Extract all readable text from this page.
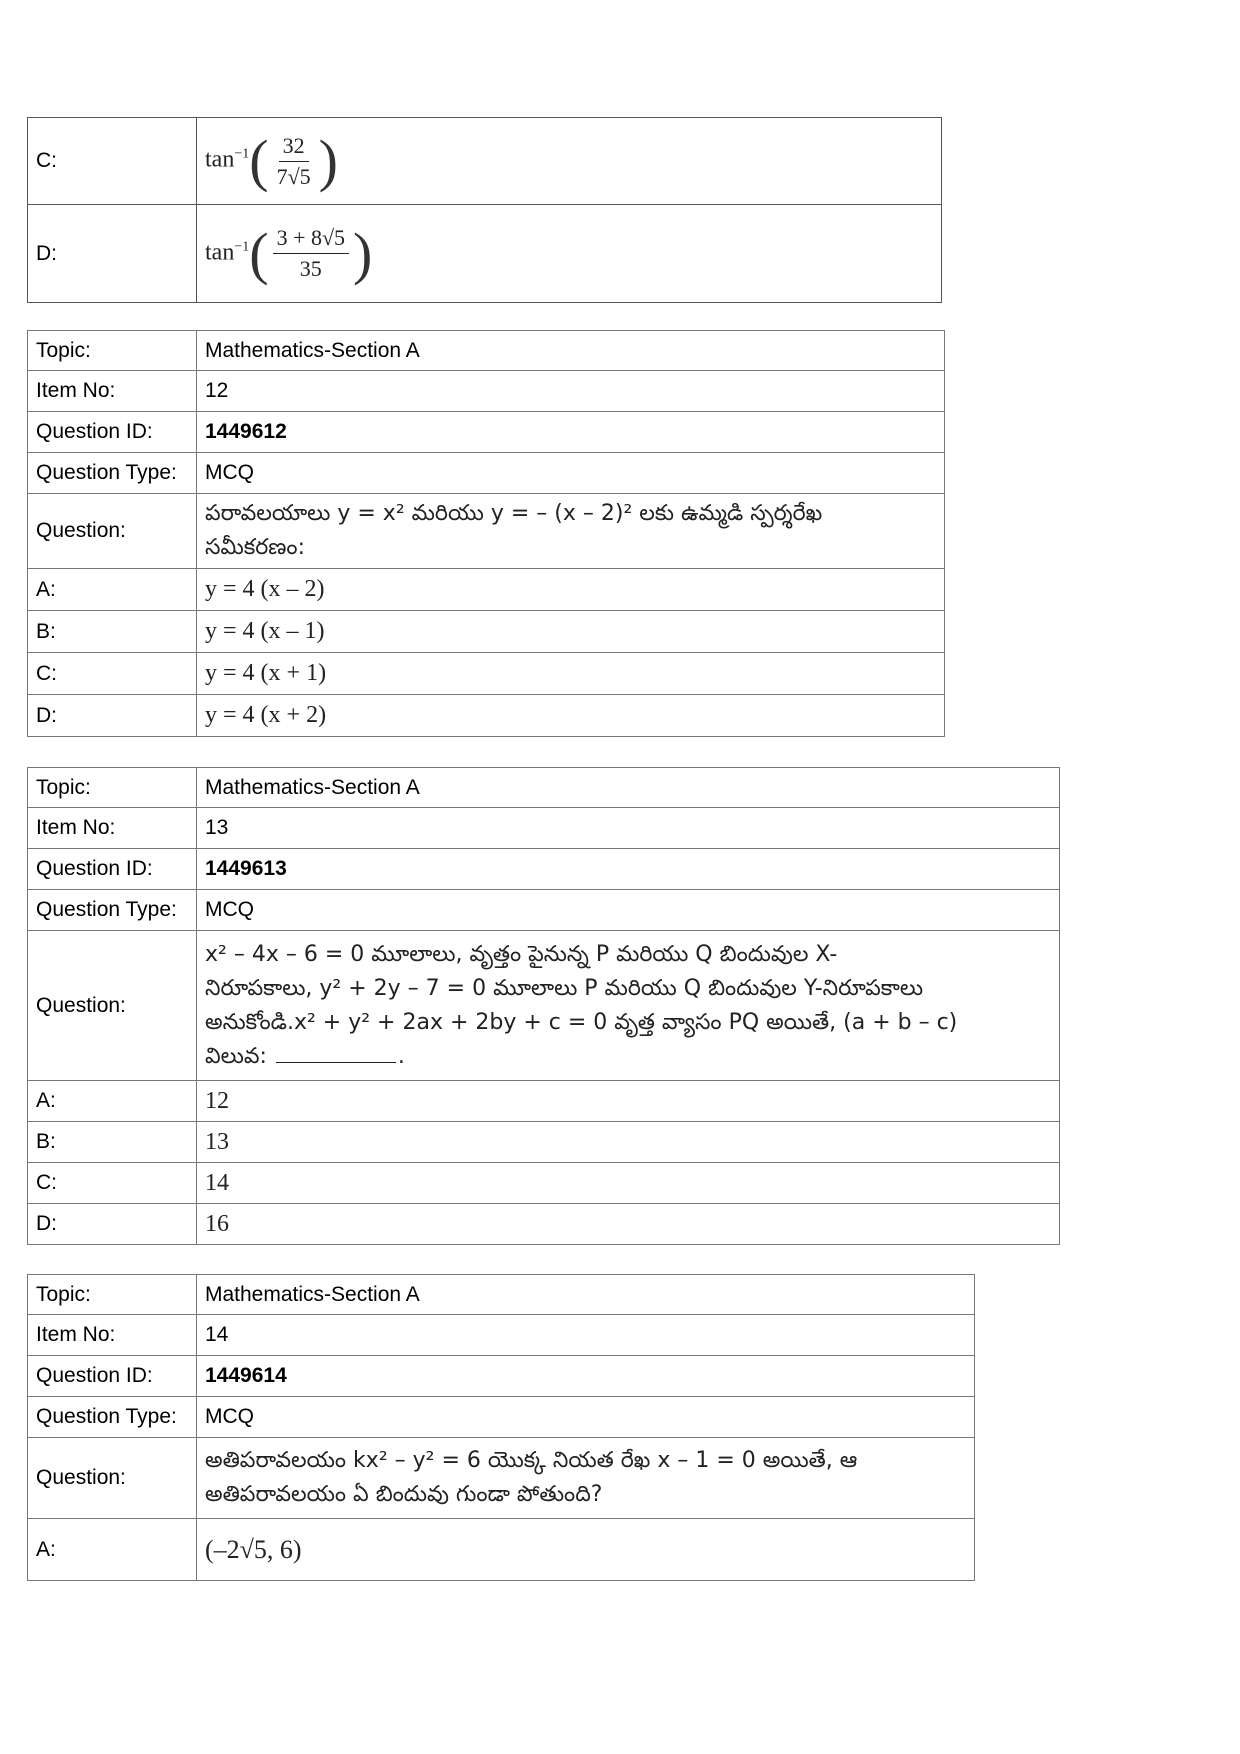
C:	$\tan^{-1}( \frac{32}{7√5}$ )
D:	$\tan^{-1}( \frac{3 + 8√5}{35}$ )
Topic:	Mathematics-Section A
Item No:	12
Question ID:	1449612
Question Type:	MCQ
Question:	పరావలయాలు y = x² మరియు y = – (x – 2)² లకు ఉమ్మడి స్పర్శరేఖ
సమీకరణం:

A:	y = 4 (x – 2)
B:	y = 4 (x – 1)
C:	y = 4 (x + 1)
D:	y = 4 (x + 2)
Topic:	Mathematics-Section A
Item No:	13
Question ID:	1449613
Question Type:	MCQ
Question:	x² – 4x – 6 = 0 మూలాలు, వృత్తం పైనున్న P మరియు Q బిందువుల X-
నిరూపకాలు, y² + 2y – 7 = 0 మూలాలు P మరియు Q బిందువుల Y-నిరూపకాలు
అనుకోండి.x² + y² + 2ax + 2by + c = 0 వృత్త వ్యాసం PQ అయితే, (a + b – c)
విలువ: .

A:	12
B:	13
C:	14
D:	16
Topic:	Mathematics-Section A
Item No:	14
Question ID:	1449614
Question Type:	MCQ
Question:	అతిపరావలయం kx² – y² = 6 యొక్క నియత రేఖ x – 1 = 0 అయితే, ఆ
అతిపరావలయం ఏ బిందువు గుండా పోతుంది?

A:	(–2√5, 6)
